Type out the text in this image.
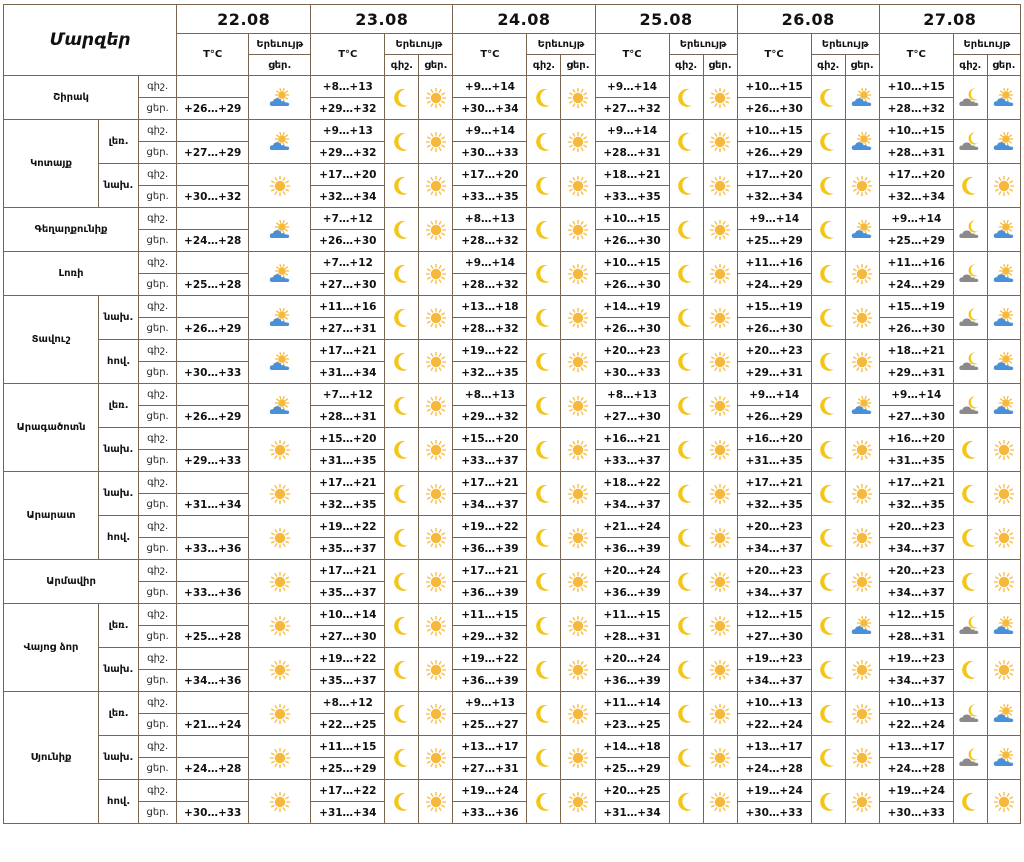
Մարզեր			22.08		23.08			24.08			25.08			26.08			27.08		
			T°C	Երեւույթ	T°C	Երեւույթ		T°C	Երեւույթ		T°C	Երեւույթ		T°C	Երեւույթ		T°C	Երեւույթ	
				ցեր.		գիշ.	ցեր.		գիշ.	ցեր.		գիշ.	ցեր.		գիշ.	ցեր.		գիշ.	ցեր.
Շիրակ		գիշ.			+8…+13			+9…+14			+9…+14			+10…+15			+10…+15	

		ցեր.	+26…+29		+29…+32			+30…+34			+27…+32			+26…+30			+28…+32		
Կոտայք	լեռ.	գիշ.			+9…+13			+9…+14			+9…+14			+10…+15			+10…+15	

		ցեր.	+27…+29		+29…+32			+30…+33			+28…+31			+26…+29			+28…+31		
	նախ.	գիշ.			+17…+20			+17…+20			+18…+21			+17…+20			+17…+20	

		ցեր.	+30…+32		+32…+34			+33…+35			+33…+35			+32…+34			+32…+34		
Գեղարքունիք		գիշ.			+7…+12			+8…+13			+10…+15			+9…+14			+9…+14	

		ցեր.	+24…+28		+26…+30			+28…+32			+26…+30			+25…+29			+25…+29		
Լոռի		գիշ.			+7…+12			+9…+14			+10…+15			+11…+16			+11…+16	

		ցեր.	+25…+28		+27…+30			+28…+32			+26…+30			+24…+29			+24…+29		
Տավուշ	նախ.	գիշ.			+11…+16			+13…+18			+14…+19			+15…+19			+15…+19	

		ցեր.	+26…+29		+27…+31			+28…+32			+26…+30			+26…+30			+26…+30		
	հով.	գիշ.			+17…+21			+19…+22			+20…+23			+20…+23			+18…+21	

		ցեր.	+30…+33		+31…+34			+32…+35			+30…+33			+29…+31			+29…+31		
Արագածոտն	լեռ.	գիշ.			+7…+12			+8…+13			+8…+13			+9…+14			+9…+14	

		ցեր.	+26…+29		+28…+31			+29…+32			+27…+30			+26…+29			+27…+30		
	նախ.	գիշ.			+15…+20			+15…+20			+16…+21			+16…+20			+16…+20	

		ցեր.	+29…+33		+31…+35			+33…+37			+33…+37			+31…+35			+31…+35		
Արարատ	նախ.	գիշ.			+17…+21			+17…+21			+18…+22			+17…+21			+17…+21	

		ցեր.	+31…+34		+32…+35			+34…+37			+34…+37			+32…+35			+32…+35		
	հով.	գիշ.			+19…+22			+19…+22			+21…+24			+20…+23			+20…+23	

		ցեր.	+33…+36		+35…+37			+36…+39			+36…+39			+34…+37			+34…+37		
Արմավիր		գիշ.			+17…+21			+17…+21			+20…+24			+20…+23			+20…+23	

		ցեր.	+33…+36		+35…+37			+36…+39			+36…+39			+34…+37			+34…+37		
Վայոց ձոր	լեռ.	գիշ.			+10…+14			+11…+15			+11…+15			+12…+15			+12…+15	

		ցեր.	+25…+28		+27…+30			+29…+32			+28…+31			+27…+30			+28…+31		
	նախ.	գիշ.			+19…+22			+19…+22			+20…+24			+19…+23			+19…+23	

		ցեր.	+34…+36		+35…+37			+36…+39			+36…+39			+34…+37			+34…+37		
Սյունիք	լեռ.	գիշ.			+8…+12			+9…+13			+11…+14			+10…+13			+10…+13	

		ցեր.	+21…+24		+22…+25			+25…+27			+23…+25			+22…+24			+22…+24		
	նախ.	գիշ.			+11…+15			+13…+17			+14…+18			+13…+17			+13…+17	

		ցեր.	+24…+28		+25…+29			+27…+31			+25…+29			+24…+28			+24…+28		
	հով.	գիշ.			+17…+22			+19…+24			+20…+25			+19…+24			+19…+24	

		ցեր.	+30…+33		+31…+34			+33…+36			+31…+34			+30…+33			+30…+33		
